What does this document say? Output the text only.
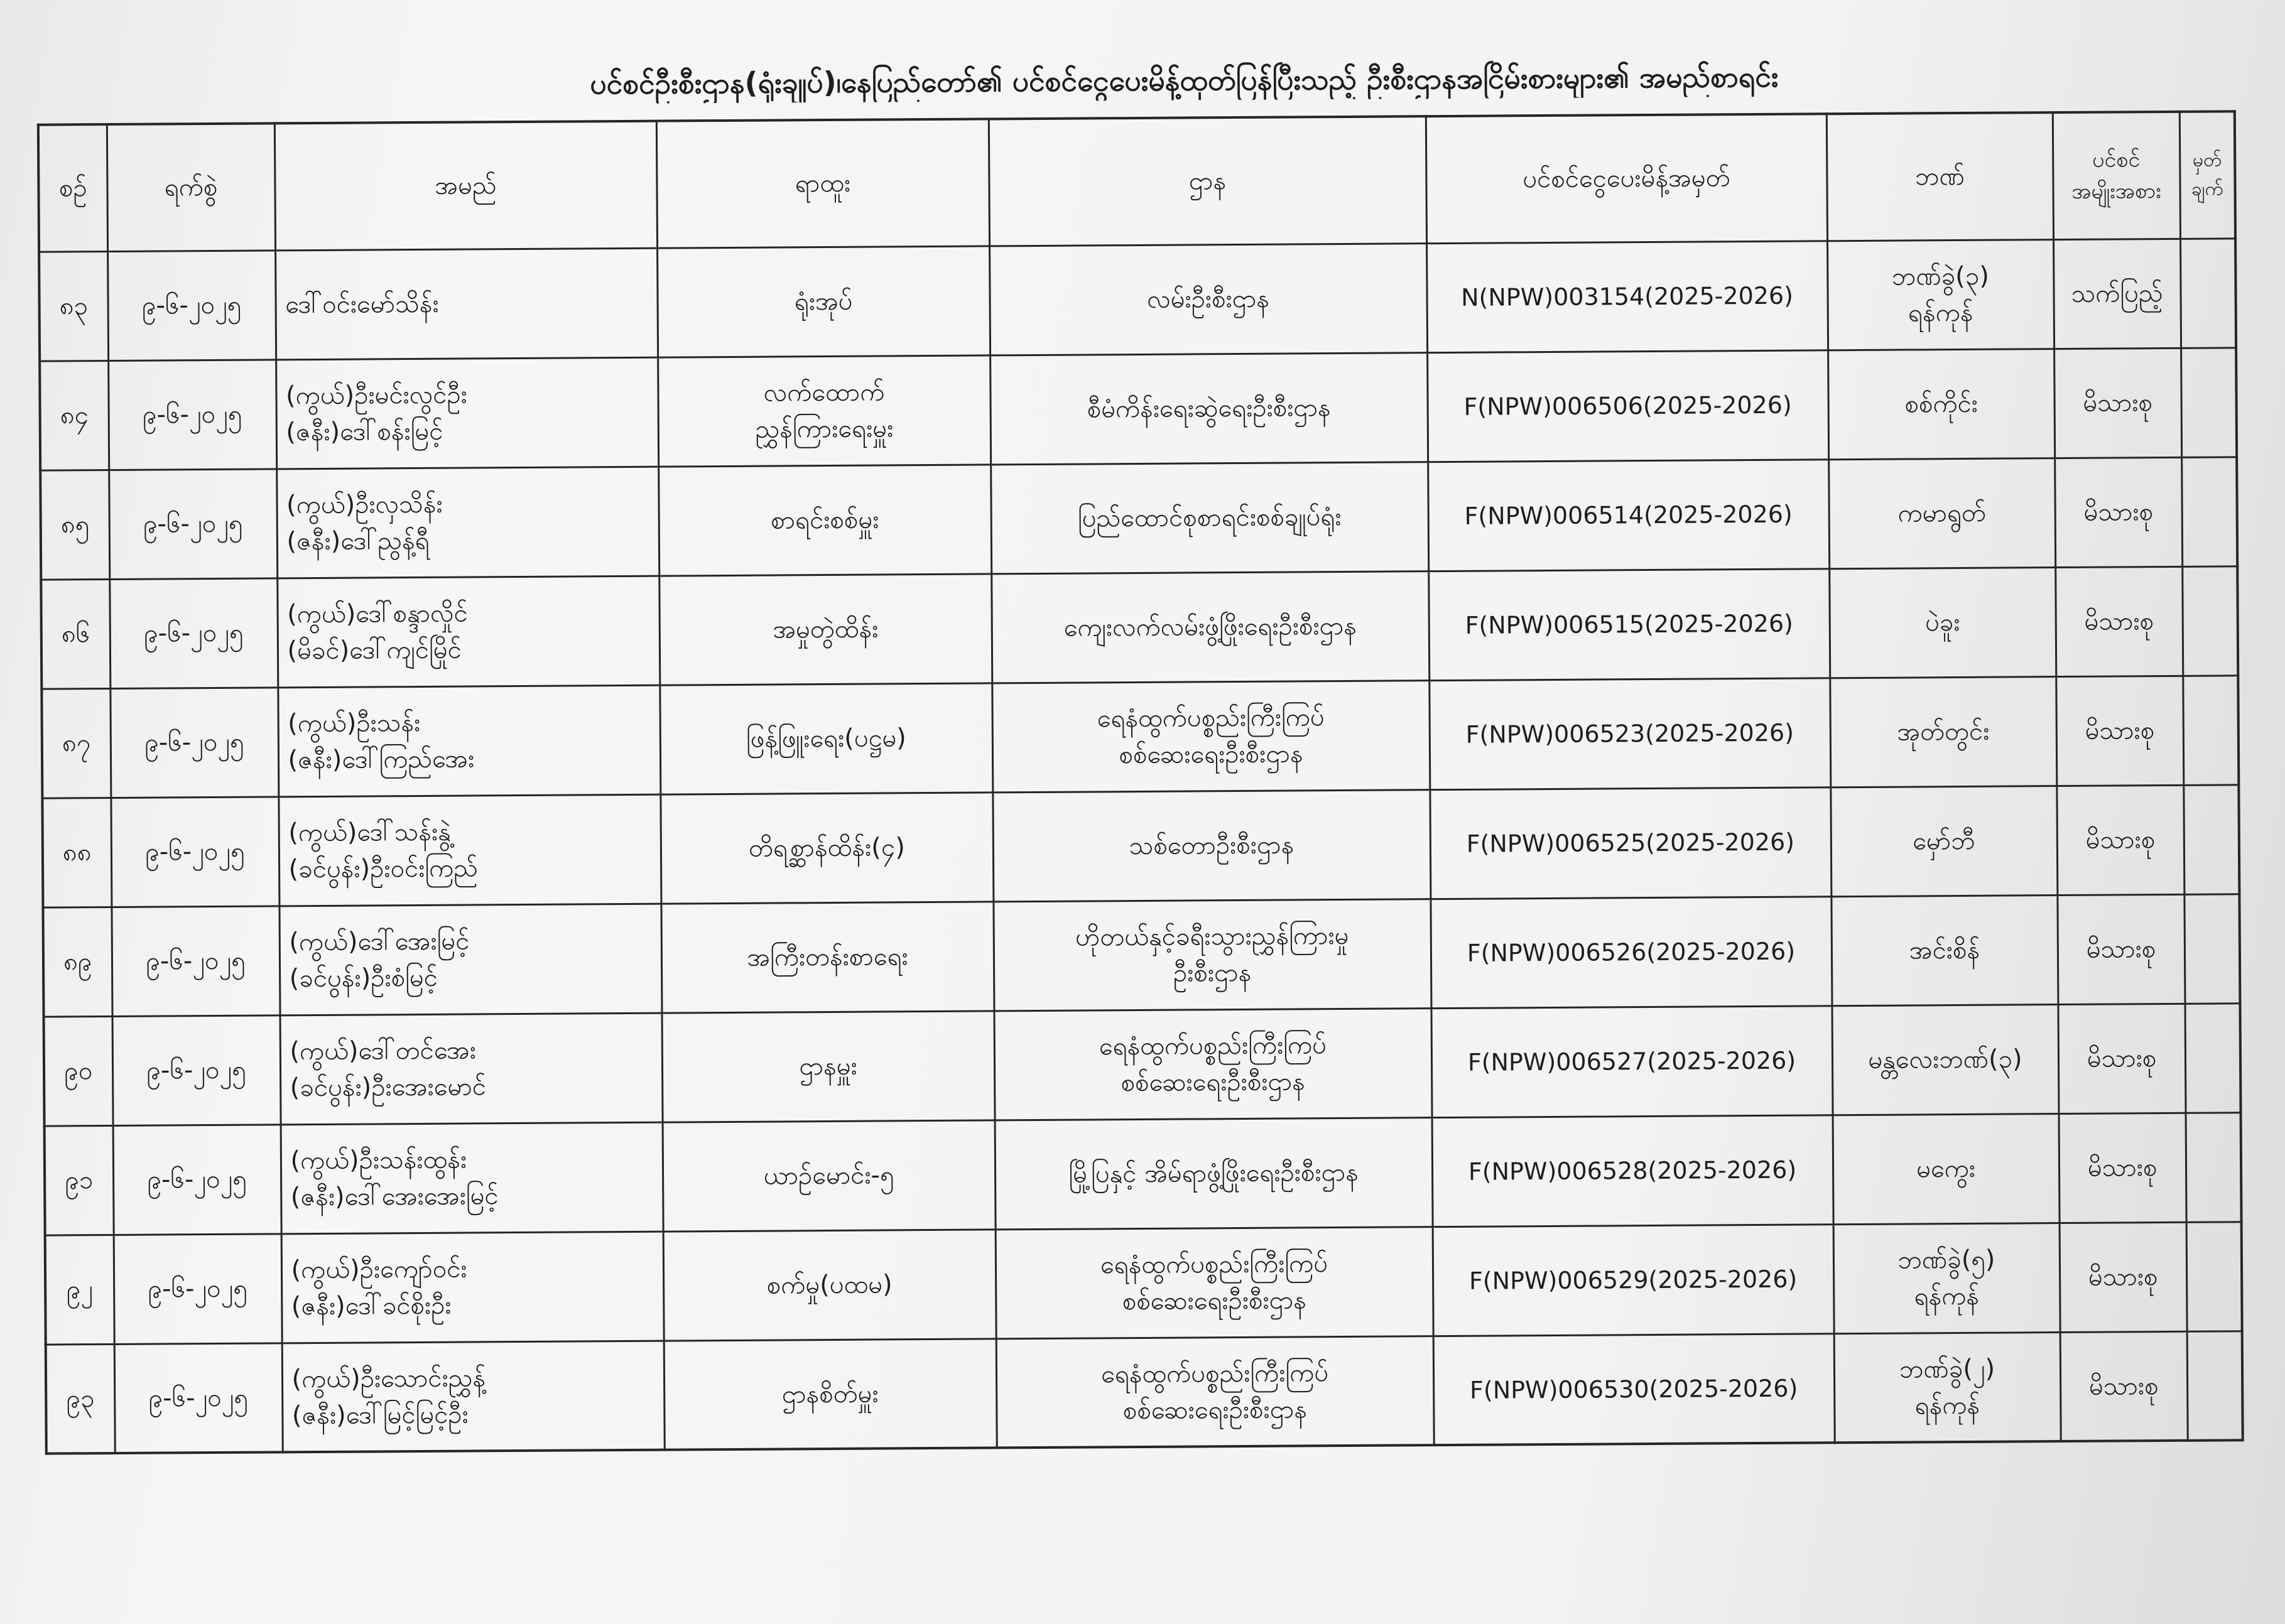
ပင်စင်ဦးစီးဌာန(ရုံးချုပ်)၊နေပြည်တော်၏ ပင်စင်ငွေပေးမိန့်ထုတ်ပြန်ပြီးသည့် ဦးစီးဌာနအငြိမ်းစားများ၏ အမည်စာရင်း
စဉ်	ရက်စွဲ	အမည်	ရာထူး	ဌာန	ပင်စင်ငွေပေးမိန့်အမှတ်	ဘဏ်	ပင်စင်
အမျိုးအစား	မှတ်
ချက်

၈၃	၉-၆-၂၀၂၅	ဒေါ်ဝင်းမော်သိန်း	ရုံးအုပ်	လမ်းဦးစီးဌာန	N(NPW)003154(2025-2026)	ဘဏ်ခွဲ(၃)
ရန်ကုန်	သက်ပြည့်	
၈၄	၉-၆-၂၀၂၅	(ကွယ်)ဦးမင်းလွင်ဦး
(ဇနီး)ဒေါ်စန်းမြင့်	လက်ထောက်
ညွှန်ကြားရေးမှူး	စီမံကိန်းရေးဆွဲရေးဦးစီးဌာန	F(NPW)006506(2025-2026)	စစ်ကိုင်း	မိသားစု	
၈၅	၉-၆-၂၀၂၅	(ကွယ်)ဦးလှသိန်း
(ဇနီး)ဒေါ်ညွန့်ရီ	စာရင်းစစ်မှူး	ပြည်ထောင်စုစာရင်းစစ်ချုပ်ရုံး	F(NPW)006514(2025-2026)	ကမာရွတ်	မိသားစု	
၈၆	၉-၆-၂၀၂၅	(ကွယ်)ဒေါ်စန္ဒာလှိုင်
(မိခင်)ဒေါ်ကျင်မြိုင်	အမှုတွဲထိန်း	ကျေးလက်လမ်းဖွံ့ဖြိုးရေးဦးစီးဌာန	F(NPW)006515(2025-2026)	ပဲခူး	မိသားစု	
၈၇	၉-၆-၂၀၂၅	(ကွယ်)ဦးသန်း
(ဇနီး)ဒေါ်ကြည်အေး	ဖြန့်ဖြူးရေး(ပဋ္ဌမ)	ရေနံထွက်ပစ္စည်းကြီးကြပ်
စစ်ဆေးရေးဦးစီးဌာန	F(NPW)006523(2025-2026)	အုတ်တွင်း	မိသားစု	
၈၈	၉-၆-၂၀၂၅	(ကွယ်)ဒေါ်သန်းနွဲ့
(ခင်ပွန်း)ဦးဝင်းကြည်	တိရစ္ဆာန်ထိန်း(၄)	သစ်တောဦးစီးဌာန	F(NPW)006525(2025-2026)	မှော်ဘီ	မိသားစု	
၈၉	၉-၆-၂၀၂၅	(ကွယ်)ဒေါ်အေးမြင့်
(ခင်ပွန်း)ဦးစံမြင့်	အကြီးတန်းစာရေး	ဟိုတယ်နှင့်ခရီးသွားညွှန်ကြားမှု
ဦးစီးဌာန	F(NPW)006526(2025-2026)	အင်းစိန်	မိသားစု	
၉၀	၉-၆-၂၀၂၅	(ကွယ်)ဒေါ်တင်အေး
(ခင်ပွန်း)ဦးအေးမောင်	ဌာနမှူး	ရေနံထွက်ပစ္စည်းကြီးကြပ်
စစ်ဆေးရေးဦးစီးဌာန	F(NPW)006527(2025-2026)	မန္တလေးဘဏ်(၃)	မိသားစု	
၉၁	၉-၆-၂၀၂၅	(ကွယ်)ဦးသန်းထွန်း
(ဇနီး)ဒေါ်အေးအေးမြင့်	ယာဉ်မောင်း-၅	မြို့ပြနှင့် အိမ်ရာဖွံ့ဖြိုးရေးဦးစီးဌာန	F(NPW)006528(2025-2026)	မကွေး	မိသားစု	
၉၂	၉-၆-၂၀၂၅	(ကွယ်)ဦးကျော်ဝင်း
(ဇနီး)ဒေါ်ခင်စိုးဦး	စက်မှု(ပထမ)	ရေနံထွက်ပစ္စည်းကြီးကြပ်
စစ်ဆေးရေးဦးစီးဌာန	F(NPW)006529(2025-2026)	ဘဏ်ခွဲ(၅)
ရန်ကုန်	မိသားစု	
၉၃	၉-၆-၂၀၂၅	(ကွယ်)ဦးသောင်းညွှန့်
(ဇနီး)ဒေါ်မြင့်မြင့်ဦး	ဌာနစိတ်မှူး	ရေနံထွက်ပစ္စည်းကြီးကြပ်
စစ်ဆေးရေးဦးစီးဌာန	F(NPW)006530(2025-2026)	ဘဏ်ခွဲ(၂)
ရန်ကုန်	မိသားစု	
